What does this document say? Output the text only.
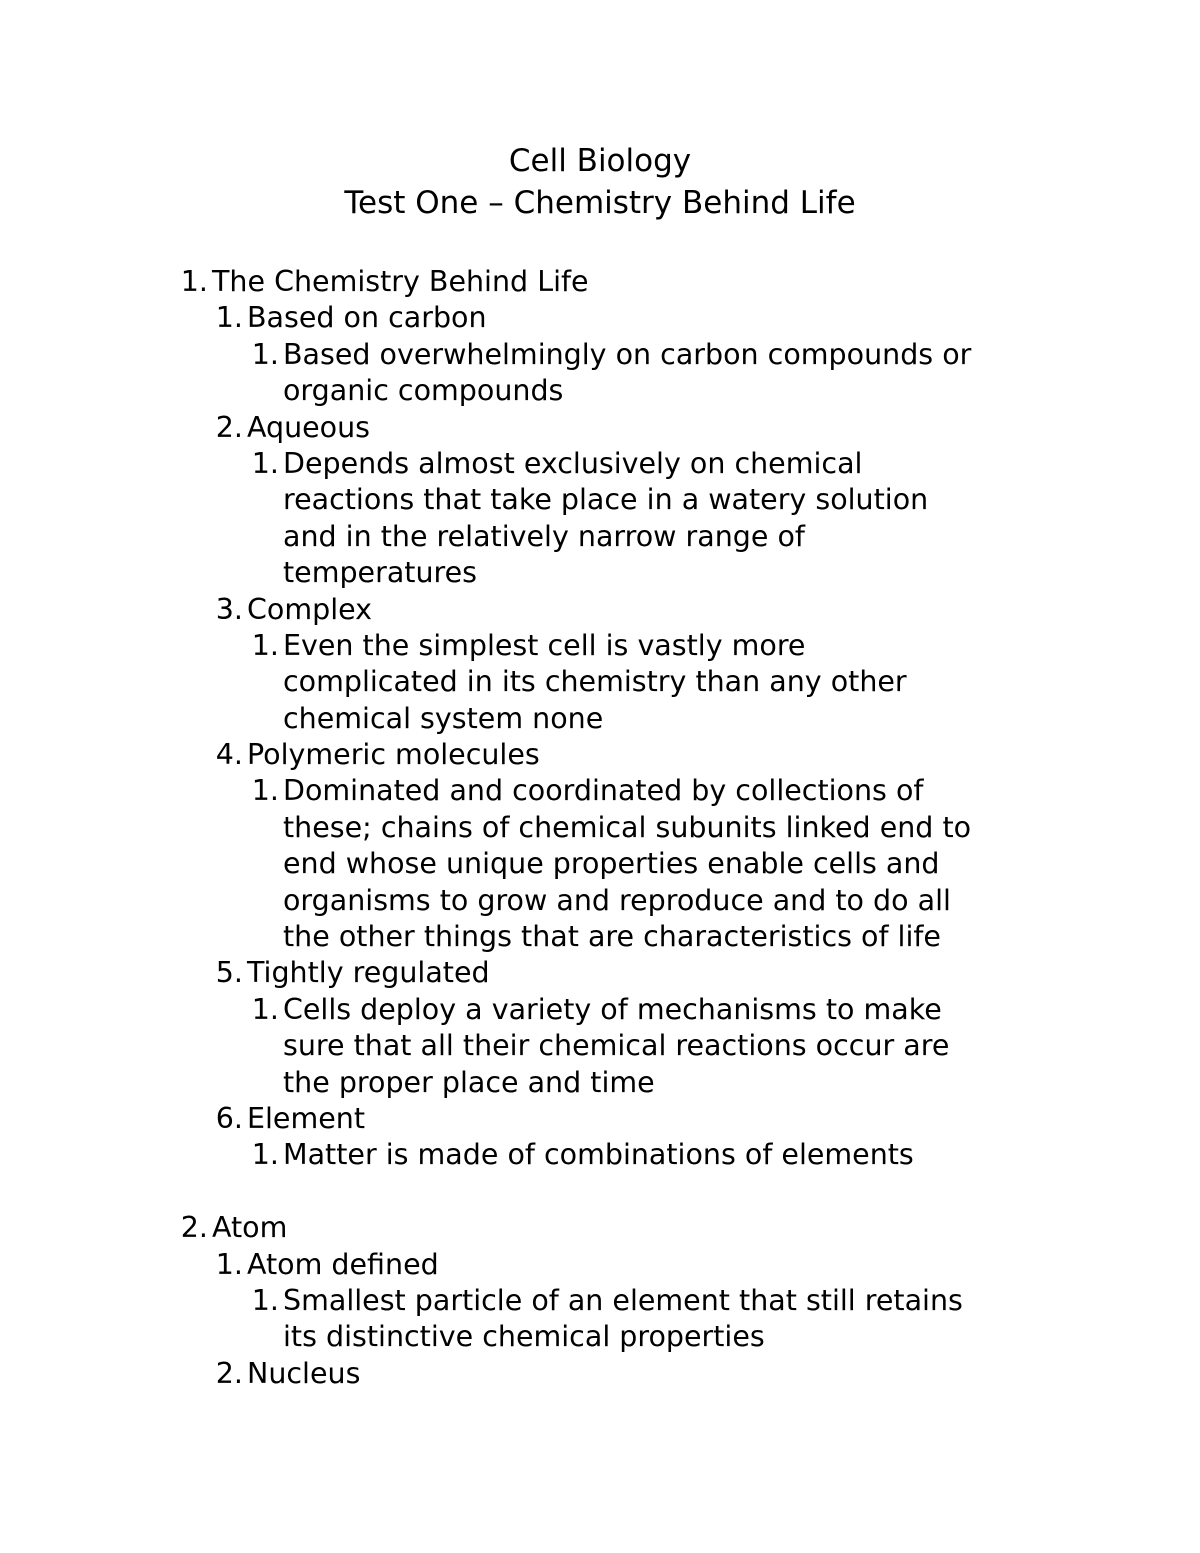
Cell Biology
Test One – Chemistry Behind Life
1. The Chemistry Behind Life
1. Based on carbon
1. Based overwhelmingly on carbon compounds or
organic compounds
2. Aqueous
1. Depends almost exclusively on chemical
reactions that take place in a watery solution
and in the relatively narrow range of
temperatures
3. Complex
1. Even the simplest cell is vastly more
complicated in its chemistry than any other
chemical system none
4. Polymeric molecules
1. Dominated and coordinated by collections of
these; chains of chemical subunits linked end to
end whose unique properties enable cells and
organisms to grow and reproduce and to do all
the other things that are characteristics of life
5. Tightly regulated
1. Cells deploy a variety of mechanisms to make
sure that all their chemical reactions occur are
the proper place and time
6. Element
1. Matter is made of combinations of elements
2. Atom
1. Atom defined
1. Smallest particle of an element that still retains
its distinctive chemical properties
2. Nucleus
